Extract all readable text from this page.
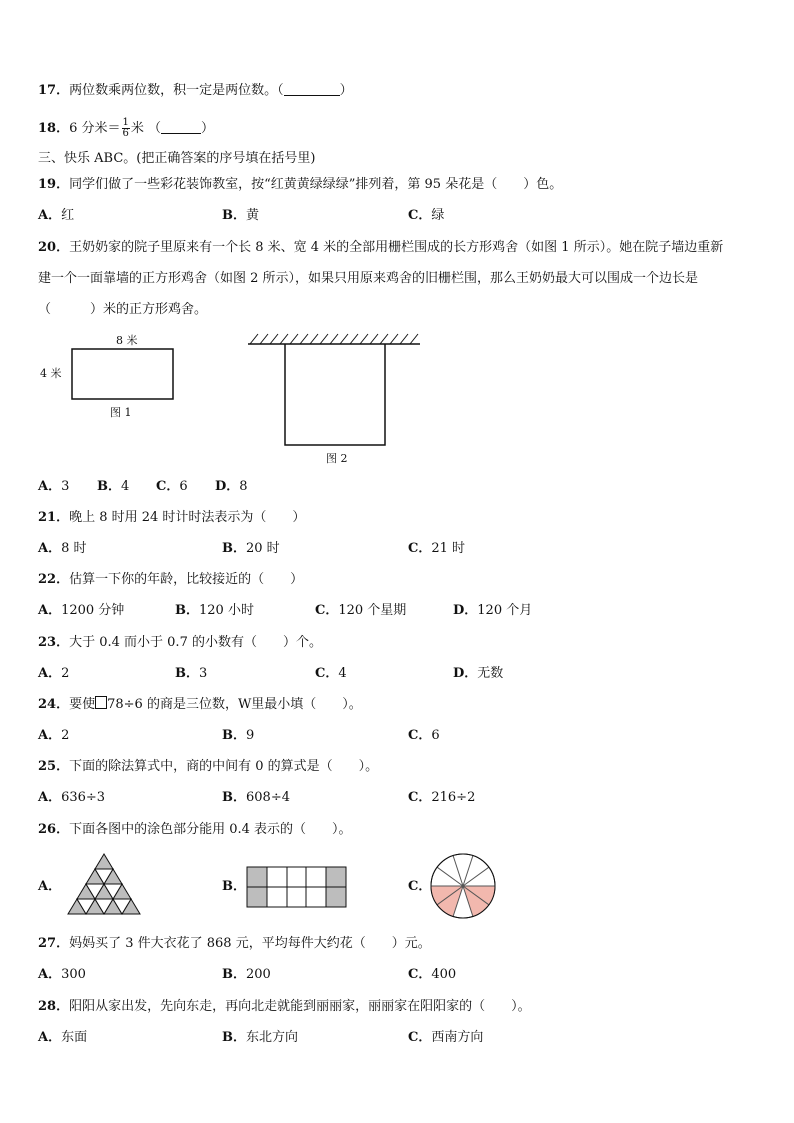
17．两位数乘两位数，积一定是两位数。（	）
18．6 分米＝ $\frac{1}{6}$ 米 （	）
三、快乐 ABC。(把正确答案的序号填在括号里)
19．同学们做了一些彩花装饰教室，按“红黄黄绿绿绿”排列着，第 95 朵花是（　　）色。
A．红	B．黄	C．绿
20．王奶奶家的院子里原来有一个长 8 米、宽 4 米的全部用栅栏围成的长方形鸡舍（如图 1 所示）。她在院子墙边重新
建一个一面靠墙的正方形鸡舍（如图 2 所示），如果只用原来鸡舍的旧栅栏围，那么王奶奶最大可以围成一个边长是
（　　　）米的正方形鸡舍。
8 米
4 米
图 1
图 2
A．3 B．4 C．6 D．8
21．晚上 8 时用 24 时计时法表示为（　　）
A．8 时	B．20 时	C．21 时
22．估算一下你的年龄，比较接近的（　　）
A．1200 分钟	B．120 小时	C．120 个星期	D．120 个月
23．大于 0.4 而小于 0.7 的小数有（　　）个。
A．2	B．3	C．4	D．无数
24．要使 78÷6 的商是三位数，W里最小填（　　）。
A．2	B．9	C．6
25．下面的除法算式中，商的中间有 0 的算式是（　　）。
A．636÷3	B．608÷4	C．216÷2
26．下面各图中的涂色部分能用 0.4 表示的（　　）。
A．	B．	C．
27．妈妈买了 3 件大衣花了 868 元，平均每件大约花（　　）元。
A．300	B．200	C．400
28．阳阳从家出发，先向东走，再向北走就能到丽丽家，丽丽家在阳阳家的（　　）。
A．东面	B．东北方向	C．西南方向
